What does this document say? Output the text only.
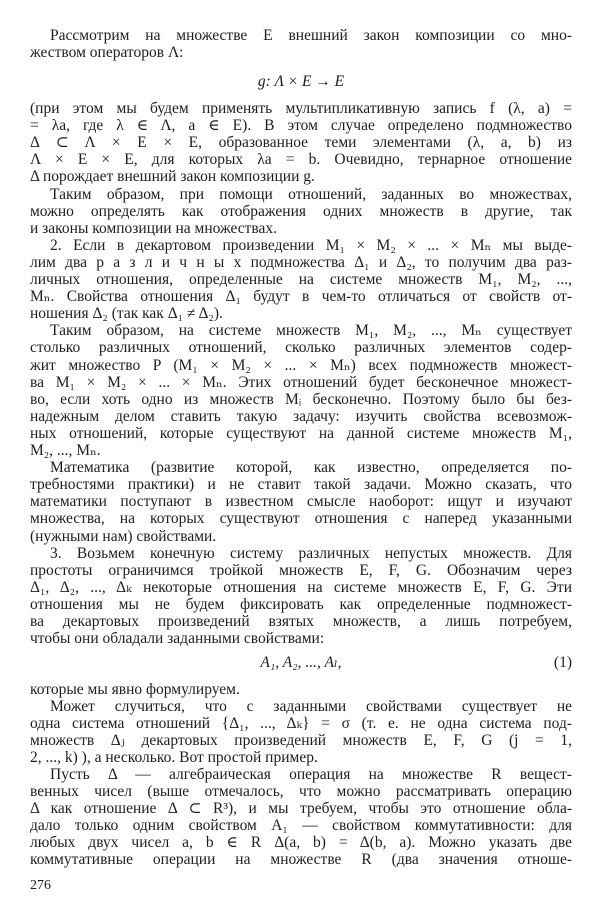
Рассмотрим на множестве E внешний закон композиции со мно-
жеством операторов Λ:
g: Λ × E → E
(при этом мы будем применять мультипликативную запись f (λ, a) =
= λa, где λ ∈ Λ, a ∈ E). В этом случае определено подмножество
Δ ⊂ Λ × E × E, образованное теми элементами (λ, a, b) из
Λ × E × E, для которых λa = b. Очевидно, тернарное отношение
Δ порождает внешний закон композиции g.
Таким образом, при помощи отношений, заданных во множествах,
можно определять как отображения одних множеств в другие, так
и законы композиции на множествах.
2. Если в декартовом произведении M₁ × M₂ × ... × Mₙ мы выде-
лим два р а з л и ч н ы х подмножества Δ₁ и Δ₂, то получим два раз-
личных отношения, определенные на системе множеств M₁, M₂, ...,
Mₙ. Свойства отношения Δ₁ будут в чем-то отличаться от свойств от-
ношения Δ₂ (так как Δ₁ ≠ Δ₂).
Таким образом, на системе множеств M₁, M₂, ..., Mₙ существует
столько различных отношений, сколько различных элементов содер-
жит множество P (M₁ × M₂ × ... × Mₙ) всех подмножеств множест-
ва M₁ × M₂ × ... × Mₙ. Этих отношений будет бесконечное множест-
во, если хоть одно из множеств Mᵢ бесконечно. Поэтому было бы без-
надежным делом ставить такую задачу: изучить свойства всевозмож-
ных отношений, которые существуют на данной системе множеств M₁,
M₂, ..., Mₙ.
Математика (развитие которой, как известно, определяется по-
требностями практики) и не ставит такой задачи. Можно сказать, что
математики поступают в известном смысле наоборот: ищут и изучают
множества, на которых существуют отношения с наперед указанными
(нужными нам) свойствами.
3. Возьмем конечную систему различных непустых множеств. Для
простоты ограничимся тройкой множеств E, F, G. Обозначим через
Δ₁, Δ₂, ..., Δₖ некоторые отношения на системе множеств E, F, G. Эти
отношения мы не будем фиксировать как определенные подмножест-
ва декартовых произведений взятых множеств, а лишь потребуем,
чтобы они обладали заданными свойствами:
A₁, A₂, ..., Aₗ,	(1)
которые мы явно формулируем.
Может случиться, что с заданными свойствами существует не
одна система отношений {Δ₁, ..., Δₖ} = σ (т. е. не одна система под-
множеств Δⱼ декартовых произведений множеств E, F, G (j = 1,
2, ..., k) ), а несколько. Вот простой пример.
Пусть Δ — алгебраическая операция на множестве R вещест-
венных чисел (выше отмечалось, что можно рассматривать операцию
Δ как отношение Δ ⊂ R³), и мы требуем, чтобы это отношение обла-
дало только одним свойством A₁ — свойством коммутативности: для
любых двух чисел a, b ∈ R Δ(a, b) = Δ(b, a). Можно указать две
коммутативные операции на множестве R (два значения отноше-
276
